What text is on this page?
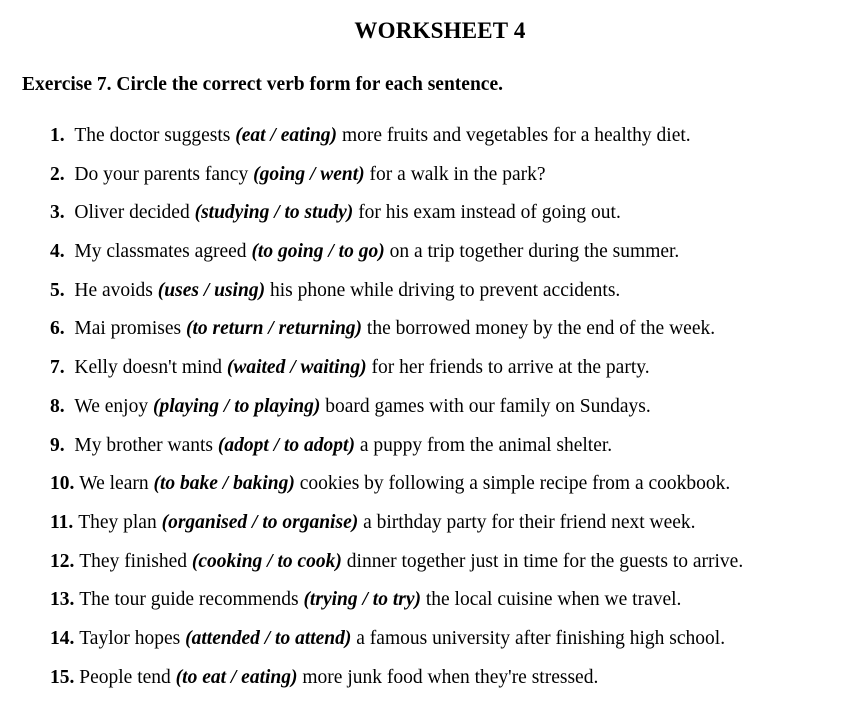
WORKSHEET 4
Exercise 7. Circle the correct verb form for each sentence.
1. The doctor suggests (eat / eating) more fruits and vegetables for a healthy diet.
2. Do your parents fancy (going / went) for a walk in the park?
3. Oliver decided (studying / to study) for his exam instead of going out.
4. My classmates agreed (to going / to go) on a trip together during the summer.
5. He avoids (uses / using) his phone while driving to prevent accidents.
6. Mai promises (to return / returning) the borrowed money by the end of the week.
7. Kelly doesn't mind (waited / waiting) for her friends to arrive at the party.
8. We enjoy (playing / to playing) board games with our family on Sundays.
9. My brother wants (adopt / to adopt) a puppy from the animal shelter.
10. We learn (to bake / baking) cookies by following a simple recipe from a cookbook.
11. They plan (organised / to organise) a birthday party for their friend next week.
12. They finished (cooking / to cook) dinner together just in time for the guests to arrive.
13. The tour guide recommends (trying / to try) the local cuisine when we travel.
14. Taylor hopes (attended / to attend) a famous university after finishing high school.
15. People tend (to eat / eating) more junk food when they're stressed.
